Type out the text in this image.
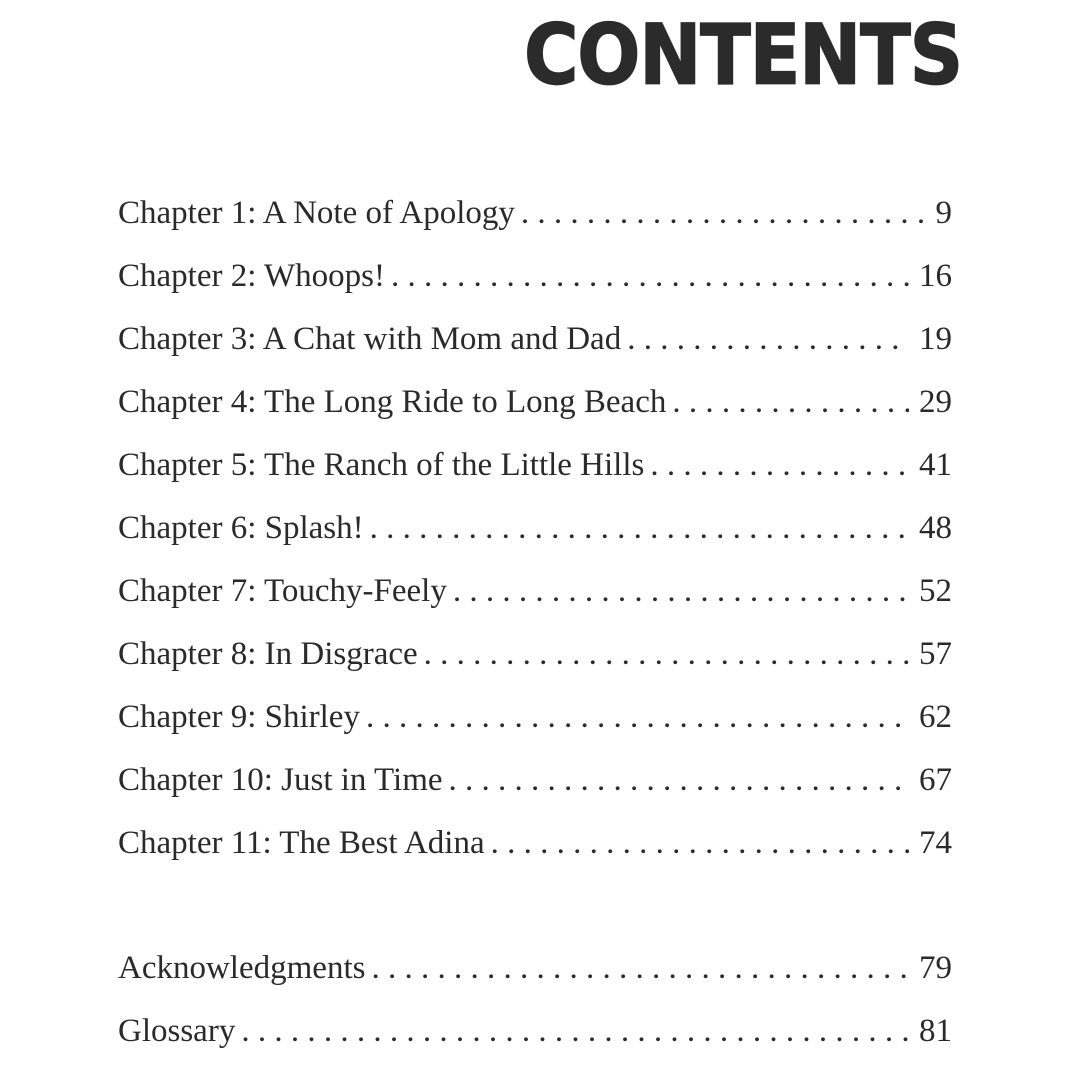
CONTENTS
Chapter 1: A Note of Apology . . .	9
Chapter 2: Whoops! . . .	16
Chapter 3: A Chat with Mom and Dad . . .	19
Chapter 4: The Long Ride to Long Beach . . .	29
Chapter 5: The Ranch of the Little Hills . . .	41
Chapter 6: Splash! . . .	48
Chapter 7: Touchy-Feely . . .	52
Chapter 8: In Disgrace . . .	57
Chapter 9: Shirley . . .	62
Chapter 10: Just in Time . . .	67
Chapter 11: The Best Adina . . .	74
Acknowledgments . . .	79
Glossary . . .	81
